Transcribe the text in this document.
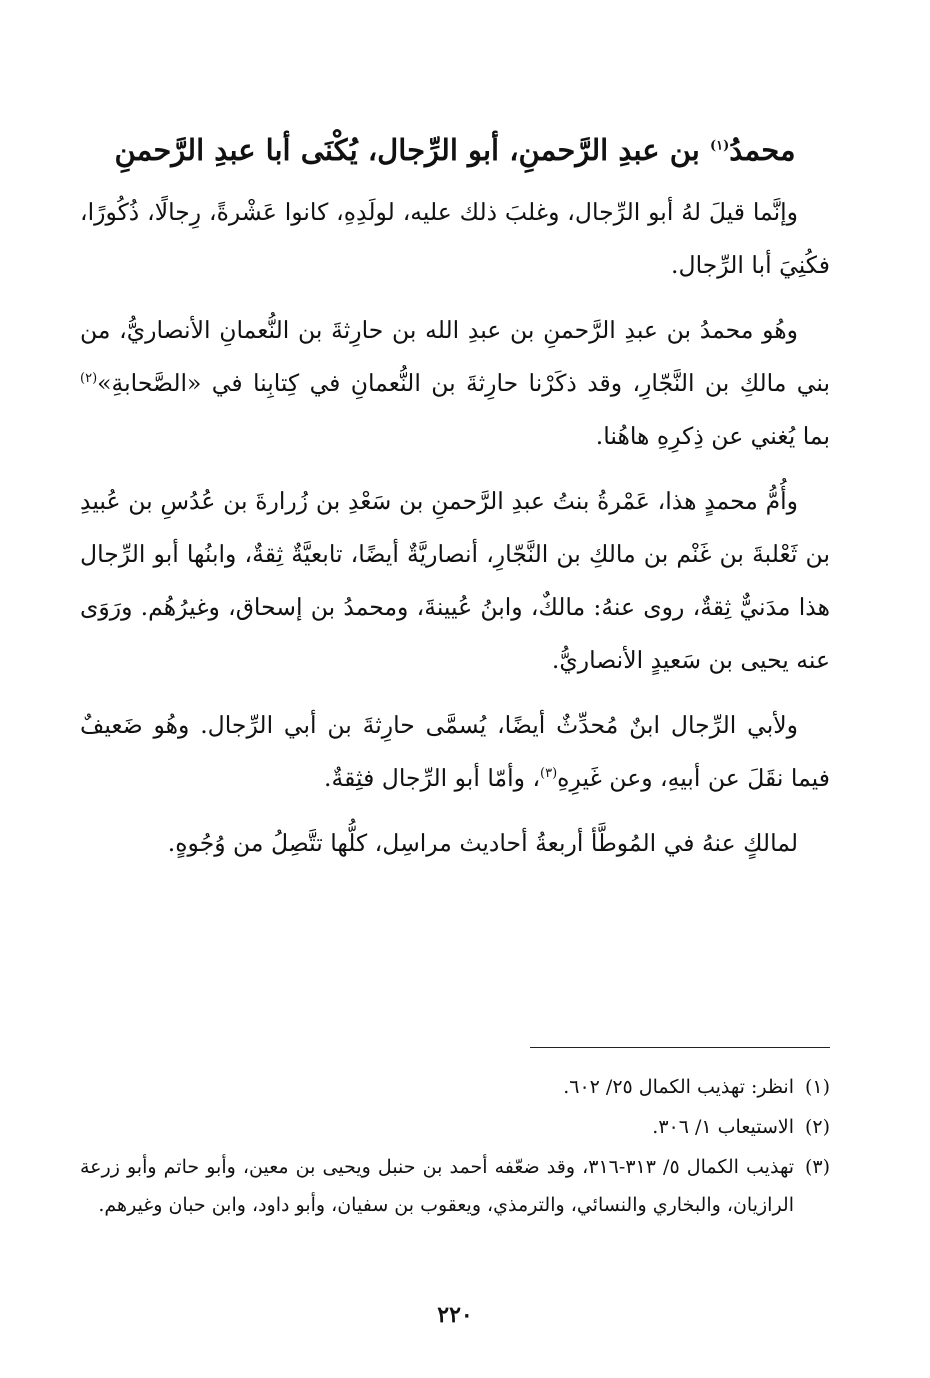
محمدُ$^{(١)}$ بن عبدِ الرَّحمنِ، أبو الرِّجال، يُكْنَى أبا عبدِ الرَّحمنِ

وإنَّما قيلَ لهُ أبو الرِّجال، وغلبَ ذلك عليه، لولَدِهِ، كانوا عَشْرةً، رِجالًا، ذُكُورًا، فكُنِيَ أبا الرِّجال.

وهُو محمدُ بن عبدِ الرَّحمنِ بن عبدِ الله بن حارِثةَ بن النُّعمانِ الأنصاريُّ، من بني مالكِ بن النَّجّارِ، وقد ذكَرْنا حارِثةَ بن النُّعمانِ في كِتابِنا في «الصَّحابةِ»$^{(٢)}$ بما يُغني عن ذِكرِهِ هاهُنا.

وأُمُّ محمدٍ هذا، عَمْرةُ بنتُ عبدِ الرَّحمنِ بن سَعْدِ بن زُرارةَ بن عُدُسِ بن عُبيدِ بن ثَعْلبةَ بن غَنْم بن مالكِ بن النَّجّارِ، أنصاريَّةٌ أيضًا، تابعيَّةٌ ثِقةٌ، وابنُها أبو الرِّجال هذا مدَنيٌّ ثِقةٌ، روى عنهُ: مالكٌ، وابنُ عُيينةَ، ومحمدُ بن إسحاق، وغيرُهُم. ورَوَى عنه يحيى بن سَعيدٍ الأنصاريُّ.

ولأبي الرِّجال ابنٌ مُحدِّثٌ أيضًا، يُسمَّى حارِثةَ بن أبي الرِّجال. وهُو ضَعيفٌ فيما نقَلَ عن أبيهِ، وعن غَيرِهِ$^{(٣)}$، وأمّا أبو الرِّجال فثِقةٌ.

لمالكٍ عنهُ في المُوطَّأ أربعةُ أحاديث مراسِل، كلُّها تتَّصِلُ من وُجُوهٍ.

(١)انظر: تهذيب الكمال ٢٥/ ٦٠٢.

(٢)الاستيعاب ١/ ٣٠٦.

(٣)تهذيب الكمال ٥/ ٣١٣-٣١٦، وقد ضعّفه أحمد بن حنبل ويحيى بن معين، وأبو حاتم وأبو زرعة الرازيان، والبخاري والنسائي، والترمذي، ويعقوب بن سفيان، وأبو داود، وابن حبان وغيرهم.

٢٢٠
